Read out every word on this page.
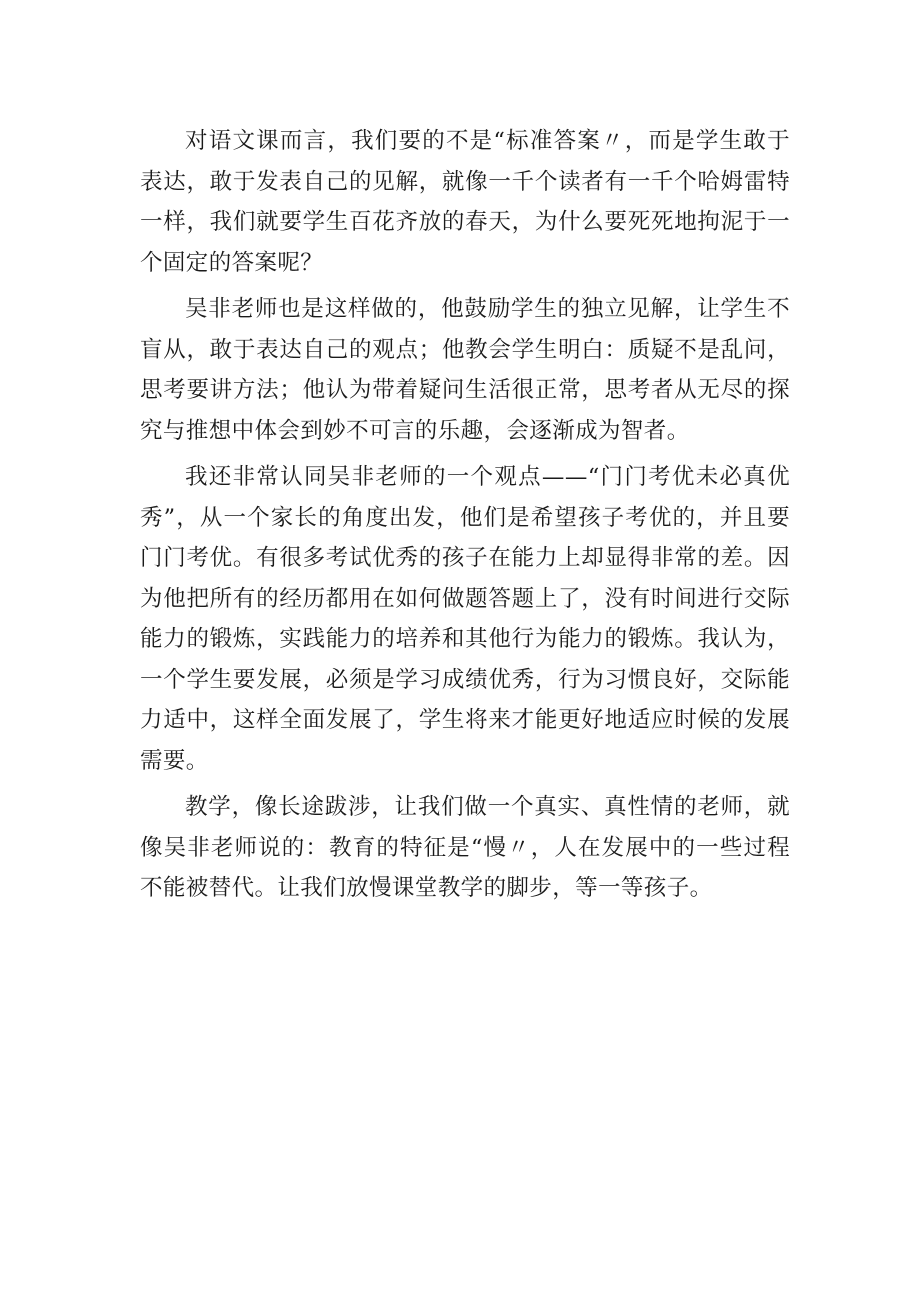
对语文课而言，我们要的不是“标准答案〃，而是学生敢于表达，敢于发表自己的见解，就像一千个读者有一千个哈姆雷特一样，我们就要学生百花齐放的春天，为什么要死死地拘泥于一个固定的答案呢？

吴非老师也是这样做的，他鼓励学生的独立见解，让学生不盲从，敢于表达自己的观点；他教会学生明白：质疑不是乱问，思考要讲方法；他认为带着疑问生活很正常，思考者从无尽的探究与推想中体会到妙不可言的乐趣，会逐渐成为智者。

我还非常认同吴非老师的一个观点——“门门考优未必真优秀”，从一个家长的角度出发，他们是希望孩子考优的，并且要门门考优。有很多考试优秀的孩子在能力上却显得非常的差。因为他把所有的经历都用在如何做题答题上了，没有时间进行交际能力的锻炼，实践能力的培养和其他行为能力的锻炼。我认为，一个学生要发展，必须是学习成绩优秀，行为习惯良好，交际能力适中，这样全面发展了，学生将来才能更好地适应时候的发展需要。

教学，像长途跋涉，让我们做一个真实、真性情的老师，就像吴非老师说的：教育的特征是“慢〃，人在发展中的一些过程不能被替代。让我们放慢课堂教学的脚步，等一等孩子。
